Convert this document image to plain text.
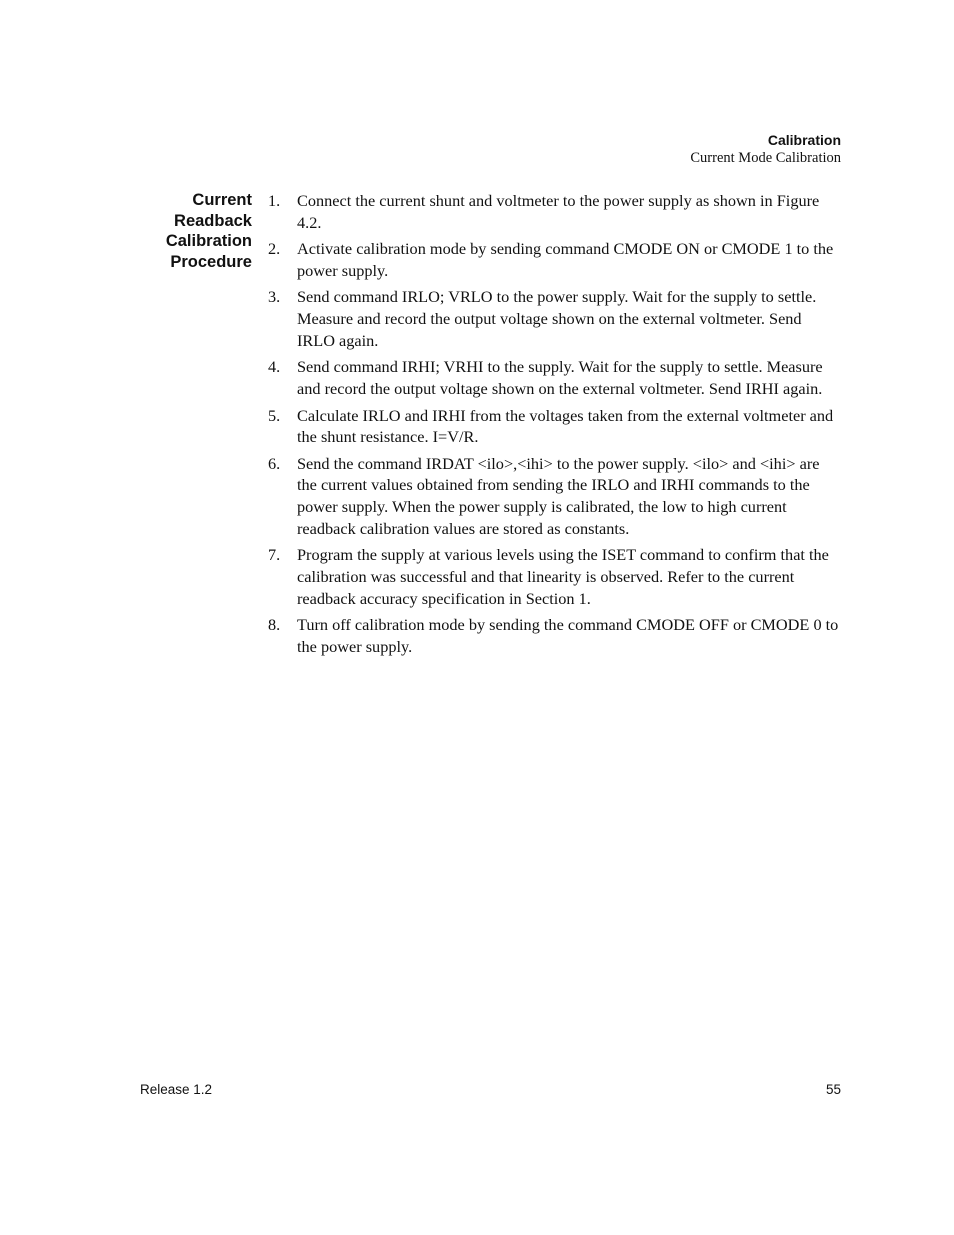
Calibration
Current Mode Calibration
Current
Readback
Calibration
Procedure
1. Connect the current shunt and voltmeter to the power supply as shown in Figure 4.2.
2. Activate calibration mode by sending command CMODE ON or CMODE 1 to the power supply.
3. Send command IRLO; VRLO to the power supply. Wait for the supply to settle. Measure and record the output voltage shown on the external voltmeter. Send IRLO again.
4. Send command IRHI; VRHI to the supply. Wait for the supply to settle. Measure and record the output voltage shown on the external voltmeter. Send IRHI again.
5. Calculate IRLO and IRHI from the voltages taken from the external voltmeter and the shunt resistance. I=V/R.
6. Send the command IRDAT <ilo>,<ihi> to the power supply. <ilo> and <ihi> are the current values obtained from sending the IRLO and IRHI commands to the power supply. When the power supply is calibrated, the low to high current readback calibration values are stored as constants.
7. Program the supply at various levels using the ISET command to confirm that the calibration was successful and that linearity is observed. Refer to the current readback accuracy specification in Section 1.
8. Turn off calibration mode by sending the command CMODE OFF or CMODE 0 to the power supply.
Release 1.2	55
